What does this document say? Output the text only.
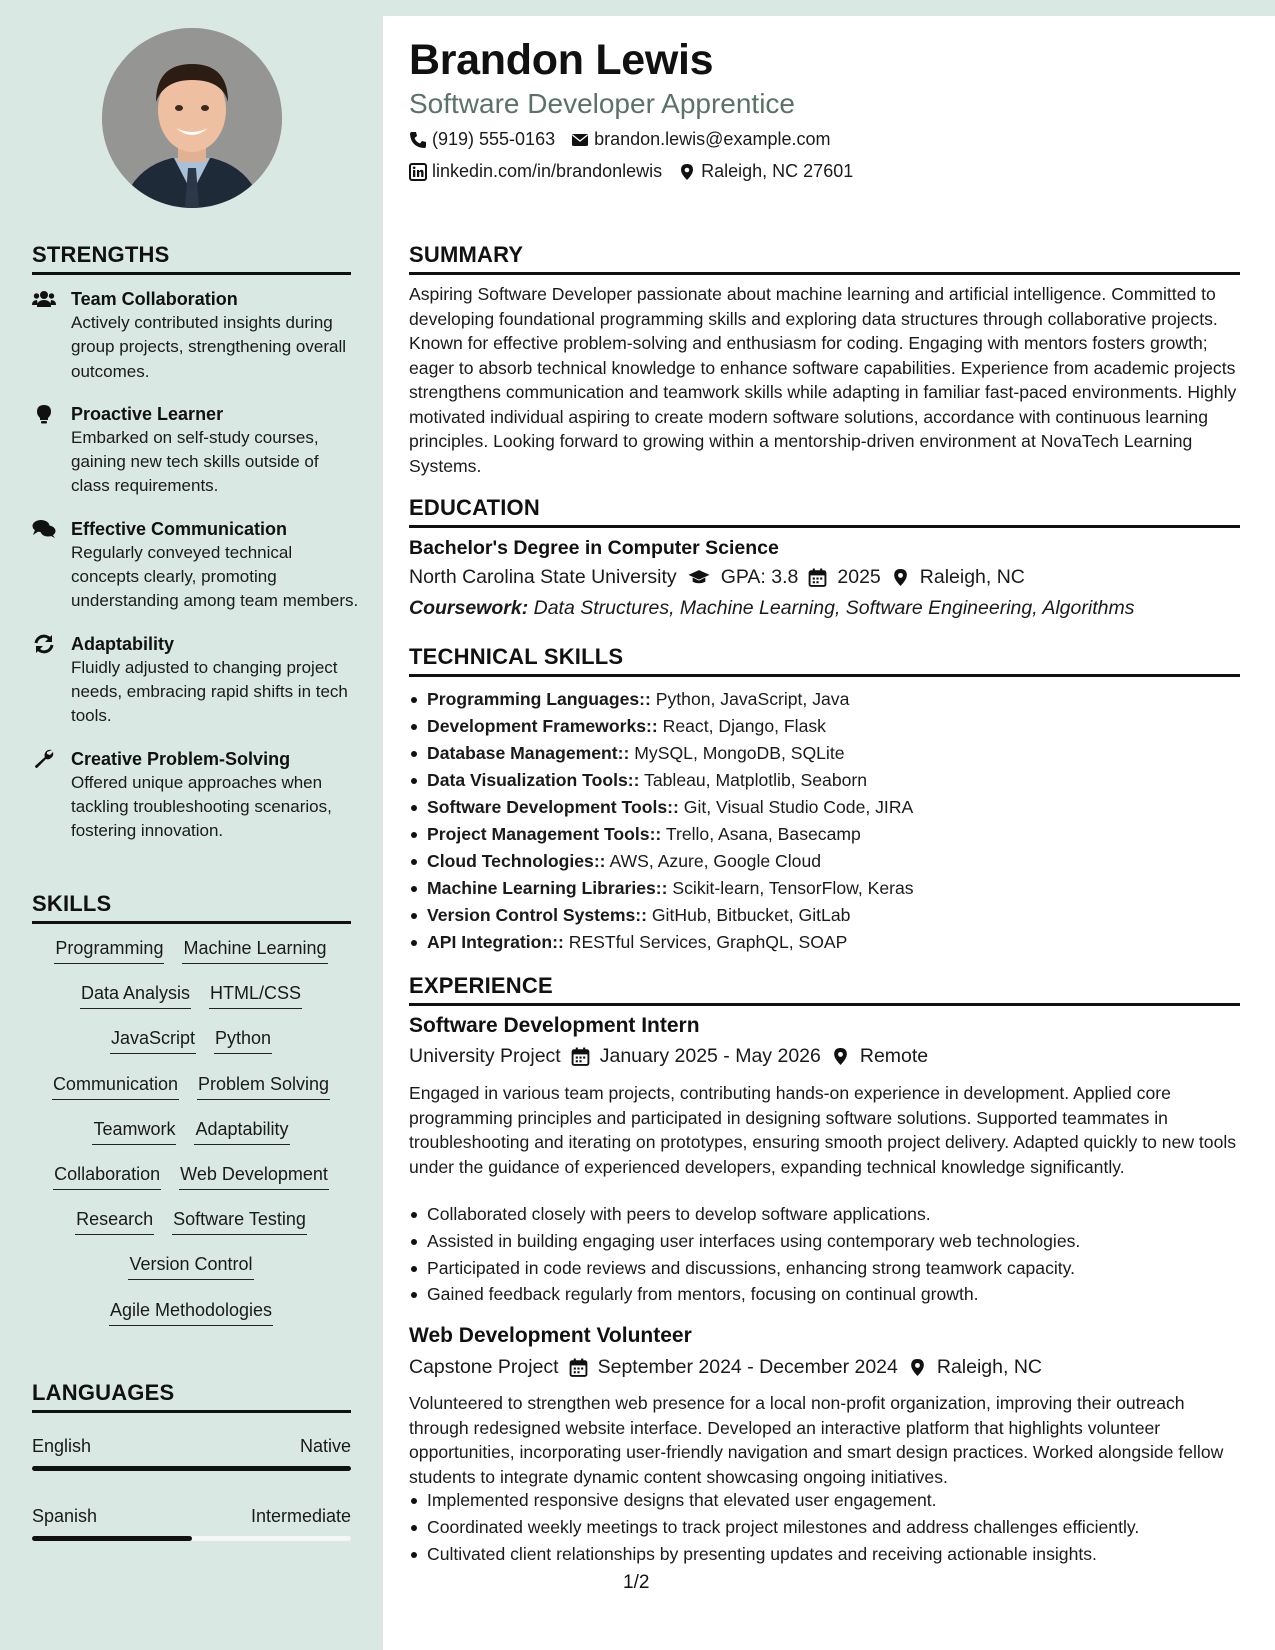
STRENGTHS
Team Collaboration
Actively contributed insights during group projects, strengthening overall outcomes.
Proactive Learner
Embarked on self-study courses, gaining new tech skills outside of class requirements.
Effective Communication
Regularly conveyed technical concepts clearly, promoting understanding among team members.
Adaptability
Fluidly adjusted to changing project needs, embracing rapid shifts in tech tools.
Creative Problem-Solving
Offered unique approaches when tackling troubleshooting scenarios, fostering innovation.
SKILLS
Programming Machine Learning
Data Analysis HTML/CSS
JavaScript Python
Communication Problem Solving
Teamwork Adaptability
Collaboration Web Development
Research Software Testing
Version Control
Agile Methodologies
LANGUAGES
English	Native
Spanish	Intermediate
Brandon Lewis
Software Developer Apprentice
(919) 555-0163 brandon.lewis@example.com
linkedin.com/in/brandonlewis Raleigh, NC 27601
SUMMARY
Aspiring Software Developer passionate about machine learning and artificial intelligence. Committed to developing foundational programming skills and exploring data structures through collaborative projects. Known for effective problem-solving and enthusiasm for coding. Engaging with mentors fosters growth; eager to absorb technical knowledge to enhance software capabilities. Experience from academic projects strengthens communication and teamwork skills while adapting in familiar fast-paced environments. Highly motivated individual aspiring to create modern software solutions, accordance with continuous learning principles. Looking forward to growing within a mentorship-driven environment at NovaTech Learning Systems.
EDUCATION
Bachelor's Degree in Computer Science
North Carolina State University GPA: 3.8 2025 Raleigh, NC
Coursework: Data Structures, Machine Learning, Software Engineering, Algorithms
TECHNICAL SKILLS
Programming Languages:: Python, JavaScript, Java
Development Frameworks:: React, Django, Flask
Database Management:: MySQL, MongoDB, SQLite
Data Visualization Tools:: Tableau, Matplotlib, Seaborn
Software Development Tools:: Git, Visual Studio Code, JIRA
Project Management Tools:: Trello, Asana, Basecamp
Cloud Technologies:: AWS, Azure, Google Cloud
Machine Learning Libraries:: Scikit-learn, TensorFlow, Keras
Version Control Systems:: GitHub, Bitbucket, GitLab
API Integration:: RESTful Services, GraphQL, SOAP
EXPERIENCE
Software Development Intern
University Project January 2025 - May 2026 Remote
Engaged in various team projects, contributing hands-on experience in development. Applied core programming principles and participated in designing software solutions. Supported teammates in troubleshooting and iterating on prototypes, ensuring smooth project delivery. Adapted quickly to new tools under the guidance of experienced developers, expanding technical knowledge significantly.
Collaborated closely with peers to develop software applications.
Assisted in building engaging user interfaces using contemporary web technologies.
Participated in code reviews and discussions, enhancing strong teamwork capacity.
Gained feedback regularly from mentors, focusing on continual growth.
Web Development Volunteer
Capstone Project September 2024 - December 2024 Raleigh, NC
Volunteered to strengthen web presence for a local non-profit organization, improving their outreach through redesigned website interface. Developed an interactive platform that highlights volunteer opportunities, incorporating user-friendly navigation and smart design practices. Worked alongside fellow students to integrate dynamic content showcasing ongoing initiatives.
Implemented responsive designs that elevated user engagement.
Coordinated weekly meetings to track project milestones and address challenges efficiently.
Cultivated client relationships by presenting updates and receiving actionable insights.
1/2
